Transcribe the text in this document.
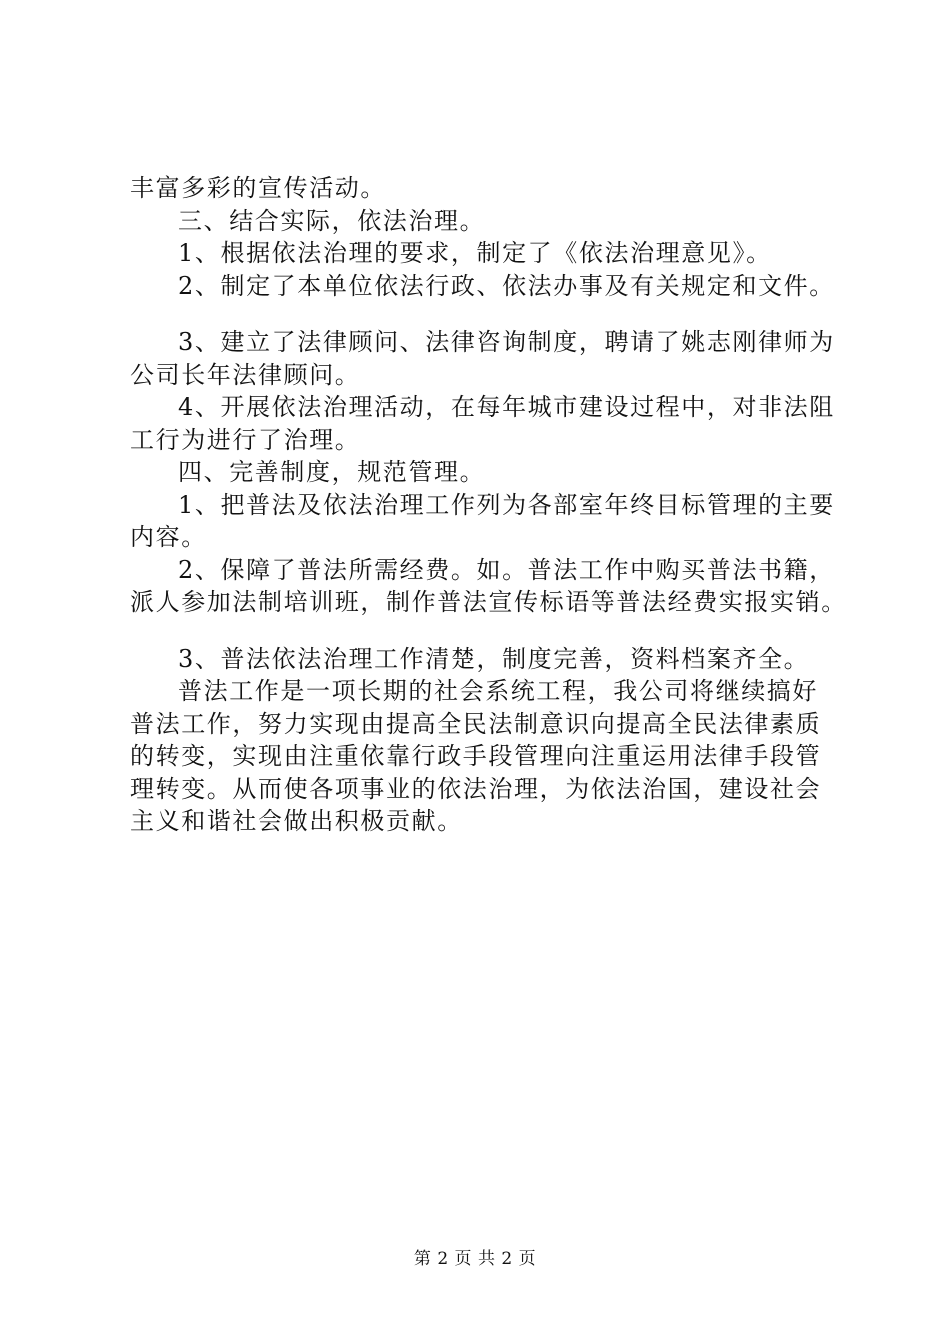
丰富多彩的宣传活动。
三、结合实际，依法治理。
1、根据依法治理的要求，制定了《依法治理意见》。
2、制定了本单位依法行政、依法办事及有关规定和文件。
3、建立了法律顾问、法律咨询制度，聘请了姚志刚律师为
公司长年法律顾问。
4、开展依法治理活动，在每年城市建设过程中，对非法阻
工行为进行了治理。
四、完善制度，规范管理。
1、把普法及依法治理工作列为各部室年终目标管理的主要
内容。
2、保障了普法所需经费。如。普法工作中购买普法书籍，
派人参加法制培训班，制作普法宣传标语等普法经费实报实销。
3、普法依法治理工作清楚，制度完善，资料档案齐全。
普法工作是一项长期的社会系统工程，我公司将继续搞好
普法工作，努力实现由提高全民法制意识向提高全民法律素质
的转变，实现由注重依靠行政手段管理向注重运用法律手段管
理转变。从而使各项事业的依法治理，为依法治国，建设社会
主义和谐社会做出积极贡献。
第 2 页 共 2 页
